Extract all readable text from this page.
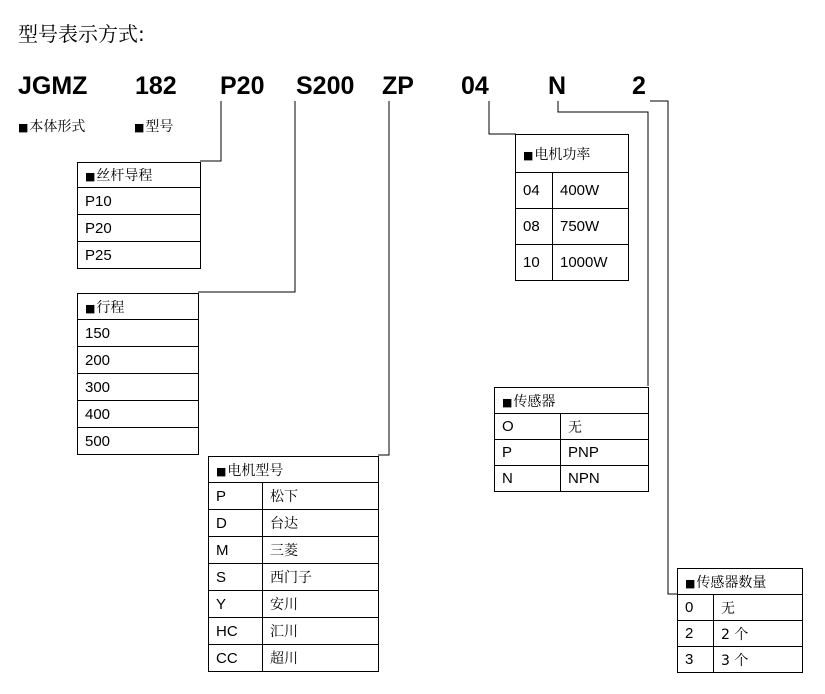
型号表示方式:
JGMZ 182 P20 S200 ZP 04 N	2
■本体形式	■型号
■丝杆导程
P10
P20
P25
■行程
150
200
300
400
500
■电机型号	
P	松下
D	台达
M	三菱
S	西门子
Y	安川
HC	汇川
CC	超川
■电机功率	
04	400W
08	750W
10	1000W
■传感器	
O	无
P	PNP
N	NPN
■传感器数量	
0	无
2	2 个
3	3 个
